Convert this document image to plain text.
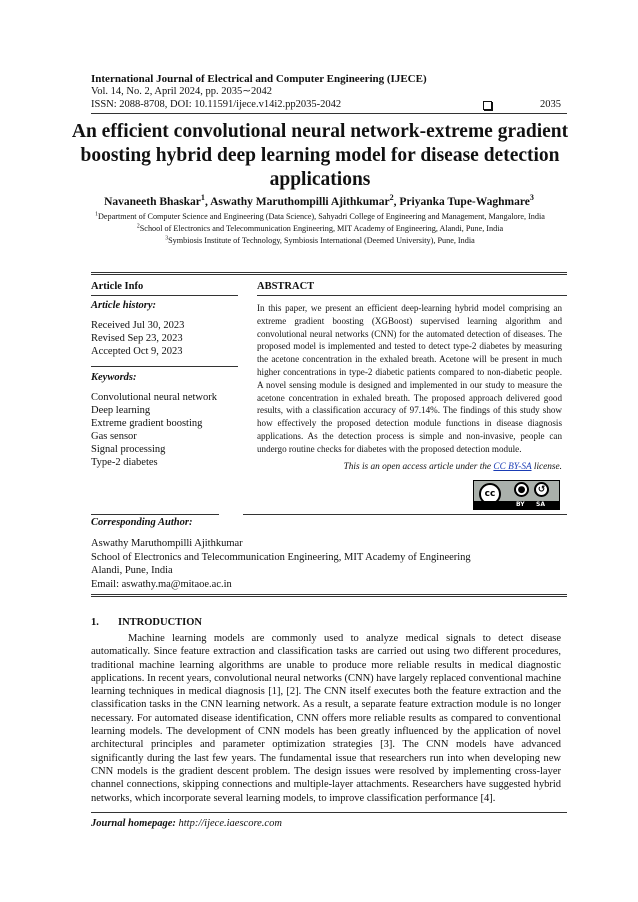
International Journal of Electrical and Computer Engineering (IJECE)
Vol. 14, No. 2, April 2024, pp. 2035∼2042
ISSN: 2088-8708, DOI: 10.11591/ijece.v14i2.pp2035-2042	2035
An efficient convolutional neural network-extreme gradient boosting hybrid deep learning model for disease detection applications
Navaneeth Bhaskar$^1$, Aswathy Maruthompilli Ajithkumar$^2$, Priyanka Tupe-Waghmare$^3$
$^1$Department of Computer Science and Engineering (Data Science), Sahyadri College of Engineering and Management, Mangalore, India
$^2$School of Electronics and Telecommunication Engineering, MIT Academy of Engineering, Alandi, Pune, India
$^3$Symbiosis Institute of Technology, Symbiosis International (Deemed University), Pune, India
Article Info	ABSTRACT
Article history:
Received Jul 30, 2023
Revised Sep 23, 2023
Accepted Oct 9, 2023
Keywords:
Convolutional neural network
Deep learning
Extreme gradient boosting
Gas sensor
Signal processing
Type-2 diabetes
In this paper, we present an efficient deep-learning hybrid model comprising an extreme gradient boosting (XGBoost) supervised learning algorithm and convolutional neural networks (CNN) for the automated detection of diseases. The proposed model is implemented and tested to detect type-2 diabetes by measuring the acetone concentration in the exhaled breath. Acetone will be present in much higher concentrations in type-2 diabetic patients compared to non-diabetic people. A novel sensing module is designed and implemented in our study to measure the acetone concentration in exhaled breath. The proposed approach delivered good results, with a classification accuracy of 97.14%. The findings of this study show how effectively the proposed detection module functions in disease diagnosis applications. As the detection process is simple and non-invasive, people can undergo routine checks for diabetes with the proposed detection module.
This is an open access article under the CC BY-SA license.
cc	●	↺
BY SA
Corresponding Author:
Aswathy Maruthompilli Ajithkumar
School of Electronics and Telecommunication Engineering, MIT Academy of Engineering
Alandi, Pune, India
Email: aswathy.ma@mitaoe.ac.in
1. INTRODUCTION
Machine learning models are commonly used to analyze medical signals to detect disease automatically. Since feature extraction and classification tasks are carried out using two different procedures, traditional machine learning algorithms are unable to produce more reliable results in medical diagnostic applications. In recent years, convolutional neural networks (CNN) have largely replaced conventional machine learning techniques in medical diagnosis [1], [2]. The CNN itself executes both the feature extraction and the classification tasks in the CNN learning network. As a result, a separate feature extraction module is no longer necessary. For automated disease identification, CNN offers more reliable results as compared to conventional learning models. The development of CNN models has been greatly influenced by the application of novel architectural principles and parameter optimization strategies [3]. The CNN models have advanced significantly during the last few years. The fundamental issue that researchers run into when developing new CNN models is the gradient descent problem. The design issues were resolved by implementing cross-layer channel connections, skipping connections and multiple-layer attachments. Researchers have suggested hybrid networks, which incorporate several learning models, to improve classification performance [4].
Journal homepage: http://ijece.iaescore.com
